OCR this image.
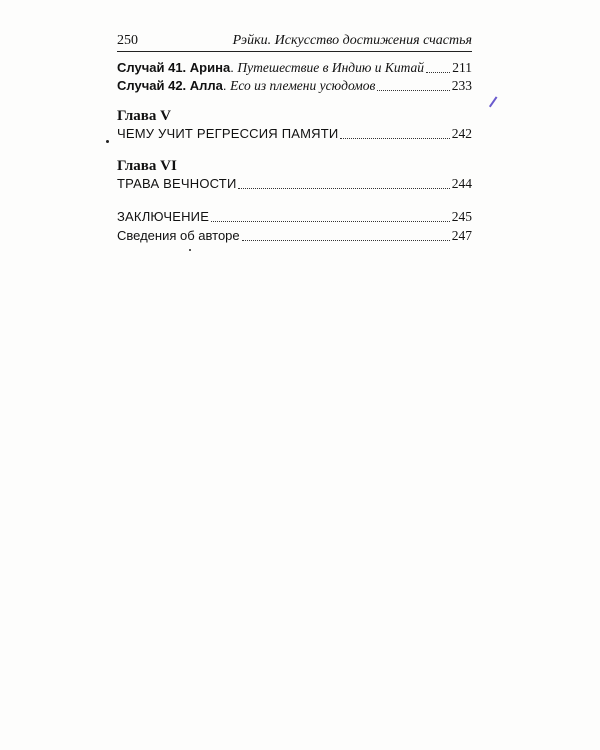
250	Рэйки. Искусство достижения счастья
Случай 41. Арина. Путешествие в Индию и Китай 211
Случай 42. Алла. Есо из племени усюдомов	233
Глава V
ЧЕМУ УЧИТ РЕГРЕССИЯ ПАМЯТИ	242
Глава VI
ТРАВА ВЕЧНОСТИ	244
ЗАКЛЮЧЕНИЕ	245
Сведения об авторе	247
